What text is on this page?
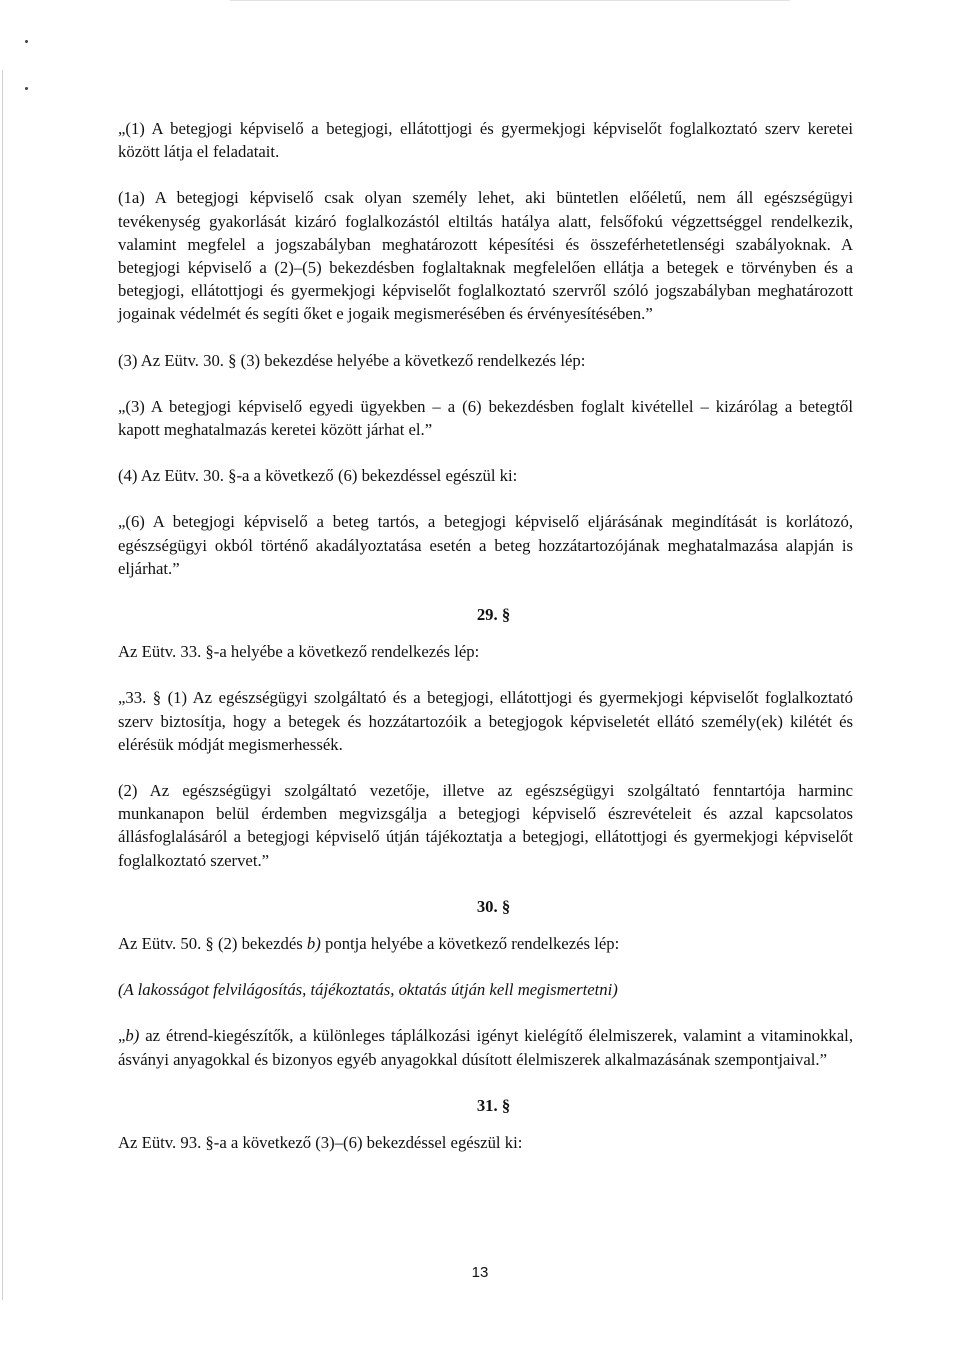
„(1) A betegjogi képviselő a betegjogi, ellátottjogi és gyermekjogi képviselőt foglalkoztató szerv keretei között látja el feladatait.

(1a) A betegjogi képviselő csak olyan személy lehet, aki büntetlen előéletű, nem áll egészségügyi tevékenység gyakorlását kizáró foglalkozástól eltiltás hatálya alatt, felsőfokú végzettséggel rendelkezik, valamint megfelel a jogszabályban meghatározott képesítési és összeférhetetlenségi szabályoknak. A betegjogi képviselő a (2)–(5) bekezdésben foglaltaknak megfelelően ellátja a betegek e törvényben és a betegjogi, ellátottjogi és gyermekjogi képviselőt foglalkoztató szervről szóló jogszabályban meghatározott jogainak védelmét és segíti őket e jogaik megismerésében és érvényesítésében.”

(3) Az Eütv. 30. § (3) bekezdése helyébe a következő rendelkezés lép:

„(3) A betegjogi képviselő egyedi ügyekben – a (6) bekezdésben foglalt kivétellel – kizárólag a betegtől kapott meghatalmazás keretei között járhat el.”

(4) Az Eütv. 30. §-a a következő (6) bekezdéssel egészül ki:

„(6) A betegjogi képviselő a beteg tartós, a betegjogi képviselő eljárásának megindítását is korlátozó, egészségügyi okból történő akadályoztatása esetén a beteg hozzátartozójának meghatalmazása alapján is eljárhat.”

29. §

Az Eütv. 33. §-a helyébe a következő rendelkezés lép:

„33. § (1) Az egészségügyi szolgáltató és a betegjogi, ellátottjogi és gyermekjogi képviselőt foglalkoztató szerv biztosítja, hogy a betegek és hozzátartozóik a betegjogok képviseletét ellátó személy(ek) kilétét és elérésük módját megismerhessék.

(2) Az egészségügyi szolgáltató vezetője, illetve az egészségügyi szolgáltató fenntartója harminc munkanapon belül érdemben megvizsgálja a betegjogi képviselő észrevételeit és azzal kapcsolatos állásfoglalásáról a betegjogi képviselő útján tájékoztatja a betegjogi, ellátottjogi és gyermekjogi képviselőt foglalkoztató szervet.”

30. §

Az Eütv. 50. § (2) bekezdés b) pontja helyébe a következő rendelkezés lép:

(A lakosságot felvilágosítás, tájékoztatás, oktatás útján kell megismertetni)

„b) az étrend-kiegészítők, a különleges táplálkozási igényt kielégítő élelmiszerek, valamint a vitaminokkal, ásványi anyagokkal és bizonyos egyéb anyagokkal dúsított élelmiszerek alkalmazásának szempontjaival.”

31. §

Az Eütv. 93. §-a a következő (3)–(6) bekezdéssel egészül ki:

13
